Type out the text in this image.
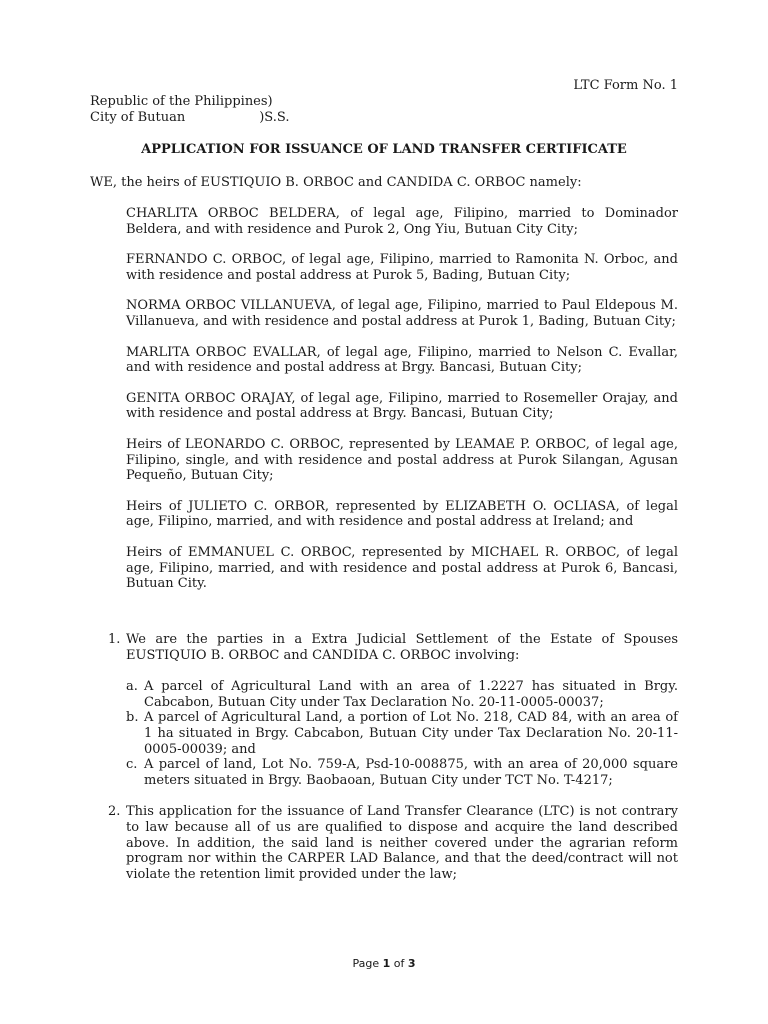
LTC Form No. 1
Republic of the Philippines)
City of Butuan	)S.S.
APPLICATION FOR ISSUANCE OF LAND TRANSFER CERTIFICATE
WE, the heirs of EUSTIQUIO B. ORBOC and CANDIDA C. ORBOC namely:

CHARLITA ORBOC BELDERA, of legal age, Filipino, married to Dominador Beldera, and with residence and Purok 2, Ong Yiu, Butuan City City;

FERNANDO C. ORBOC, of legal age, Filipino, married to Ramonita N. Orboc, and with residence and postal address at Purok 5, Bading, Butuan City;

NORMA ORBOC VILLANUEVA, of legal age, Filipino, married to Paul Eldepous M. Villanueva, and with residence and postal address at Purok 1, Bading, Butuan City;

MARLITA ORBOC EVALLAR, of legal age, Filipino, married to Nelson C. Evallar, and with residence and postal address at Brgy. Bancasi, Butuan City;

GENITA ORBOC ORAJAY, of legal age, Filipino, married to Rosemeller Orajay, and with residence and postal address at Brgy. Bancasi, Butuan City;

Heirs of LEONARDO C. ORBOC, represented by LEAMAE P. ORBOC, of legal age, Filipino, single, and with residence and postal address at Purok Silangan, Agusan Pequeño, Butuan City;

Heirs of JULIETO C. ORBOR, represented by ELIZABETH O. OCLIASA, of legal age, Filipino, married, and with residence and postal address at Ireland; and

Heirs of EMMANUEL C. ORBOC, represented by MICHAEL R. ORBOC, of legal age, Filipino, married, and with residence and postal address at Purok 6, Bancasi, Butuan City.

1. We are the parties in a Extra Judicial Settlement of the Estate of Spouses EUSTIQUIO B. ORBOC and CANDIDA C. ORBOC involving:
a. A parcel of Agricultural Land with an area of 1.2227 has situated in Brgy. Cabcabon, Butuan City under Tax Declaration No. 20-11-0005-00037;
b. A parcel of Agricultural Land, a portion of Lot No. 218, CAD 84, with an area of 1 ha situated in Brgy. Cabcabon, Butuan City under Tax Declaration No. 20-11-0005-00039; and
c. A parcel of land, Lot No. 759-A, Psd-10-008875, with an area of 20,000 square meters situated in Brgy. Baobaoan, Butuan City under TCT No. T-4217;
2. This application for the issuance of Land Transfer Clearance (LTC) is not contrary to law because all of us are qualified to dispose and acquire the land described above. In addition, the said land is neither covered under the agrarian reform program nor within the CARPER LAD Balance, and that the deed/contract will not violate the retention limit provided under the law;
Page 1 of 3
